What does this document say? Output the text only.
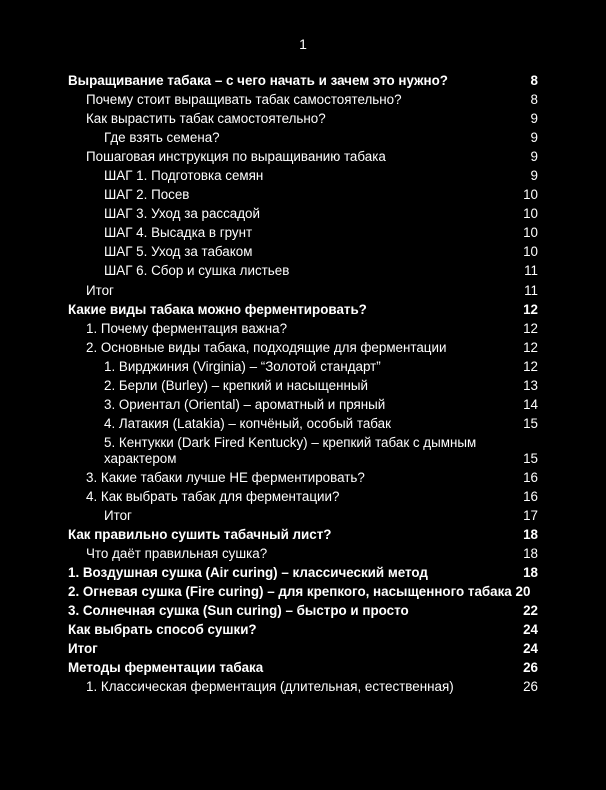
1
Выращивание табака – с чего начать и зачем это нужно?	8
Почему стоит выращивать табак самостоятельно?	8
Как вырастить табак самостоятельно?	9
Где взять семена?	9
Пошаговая инструкция по выращиванию табака	9
ШАГ 1. Подготовка семян	9
ШАГ 2. Посев	10
ШАГ 3. Уход за рассадой	10
ШАГ 4. Высадка в грунт	10
ШАГ 5. Уход за табаком	10
ШАГ 6. Сбор и сушка листьев	11
Итог	11
Какие виды табака можно ферментировать?	12
1. Почему ферментация важна?	12
2. Основные виды табака, подходящие для ферментации	12
1. Вирджиния (Virginia) – “Золотой стандарт”	12
2. Берли (Burley) – крепкий и насыщенный	13
3. Ориентал (Oriental) – ароматный и пряный	14
4. Латакия (Latakia) – копчёный, особый табак	15
5. Кентукки (Dark Fired Kentucky) – крепкий табак с дымным характером	15
3. Какие табаки лучше НЕ ферментировать?	16
4. Как выбрать табак для ферментации?	16
Итог	17
Как правильно сушить табачный лист?	18
Что даёт правильная сушка?	18
1. Воздушная сушка (Air curing) – классический метод	18
2. Огневая сушка (Fire curing) – для крепкого, насыщенного табака 20
3. Солнечная сушка (Sun curing) – быстро и просто	22
Как выбрать способ сушки?	24
Итог	24
Методы ферментации табака	26
1. Классическая ферментация (длительная, естественная)	26
